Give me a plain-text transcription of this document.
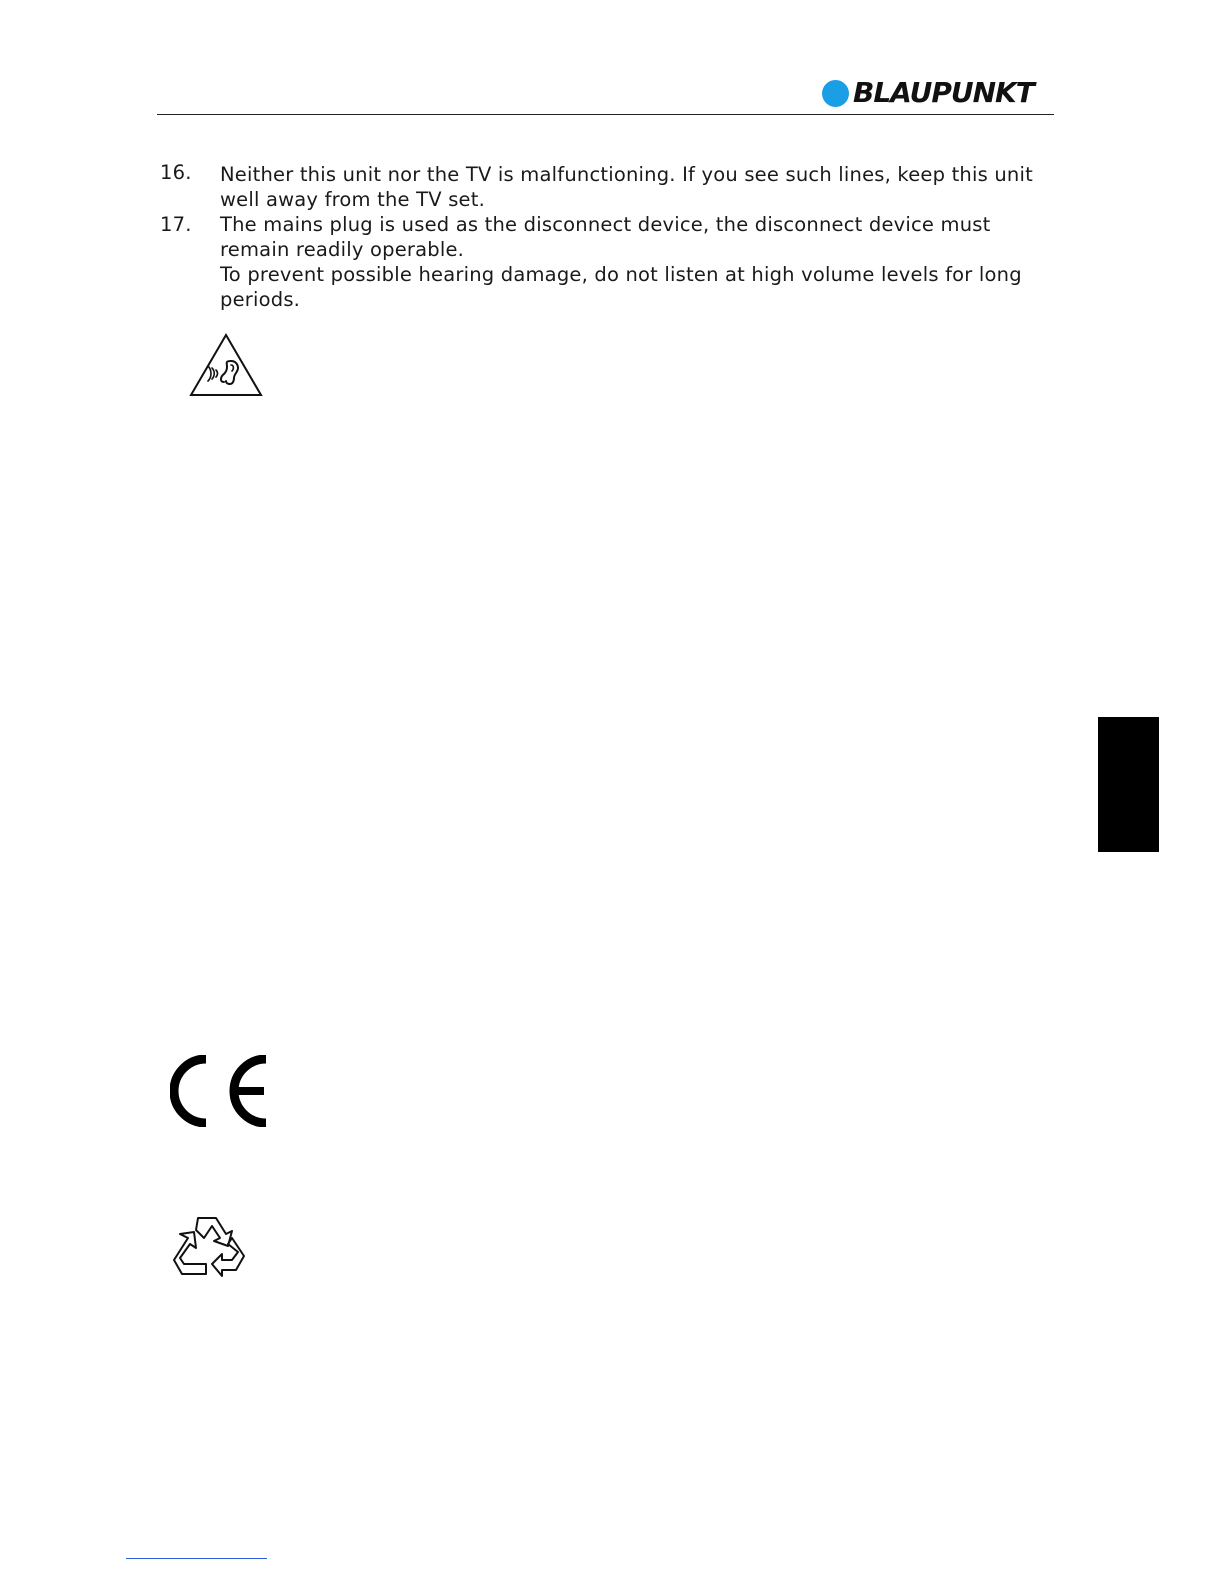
BLAUPUNKT
16. Neither this unit nor the TV is malfunctioning. If you see such lines, keep this unit well away from the TV set.
17. The mains plug is used as the disconnect device, the disconnect device must remain readily operable.
To prevent possible hearing damage, do not listen at high volume levels for long periods.
